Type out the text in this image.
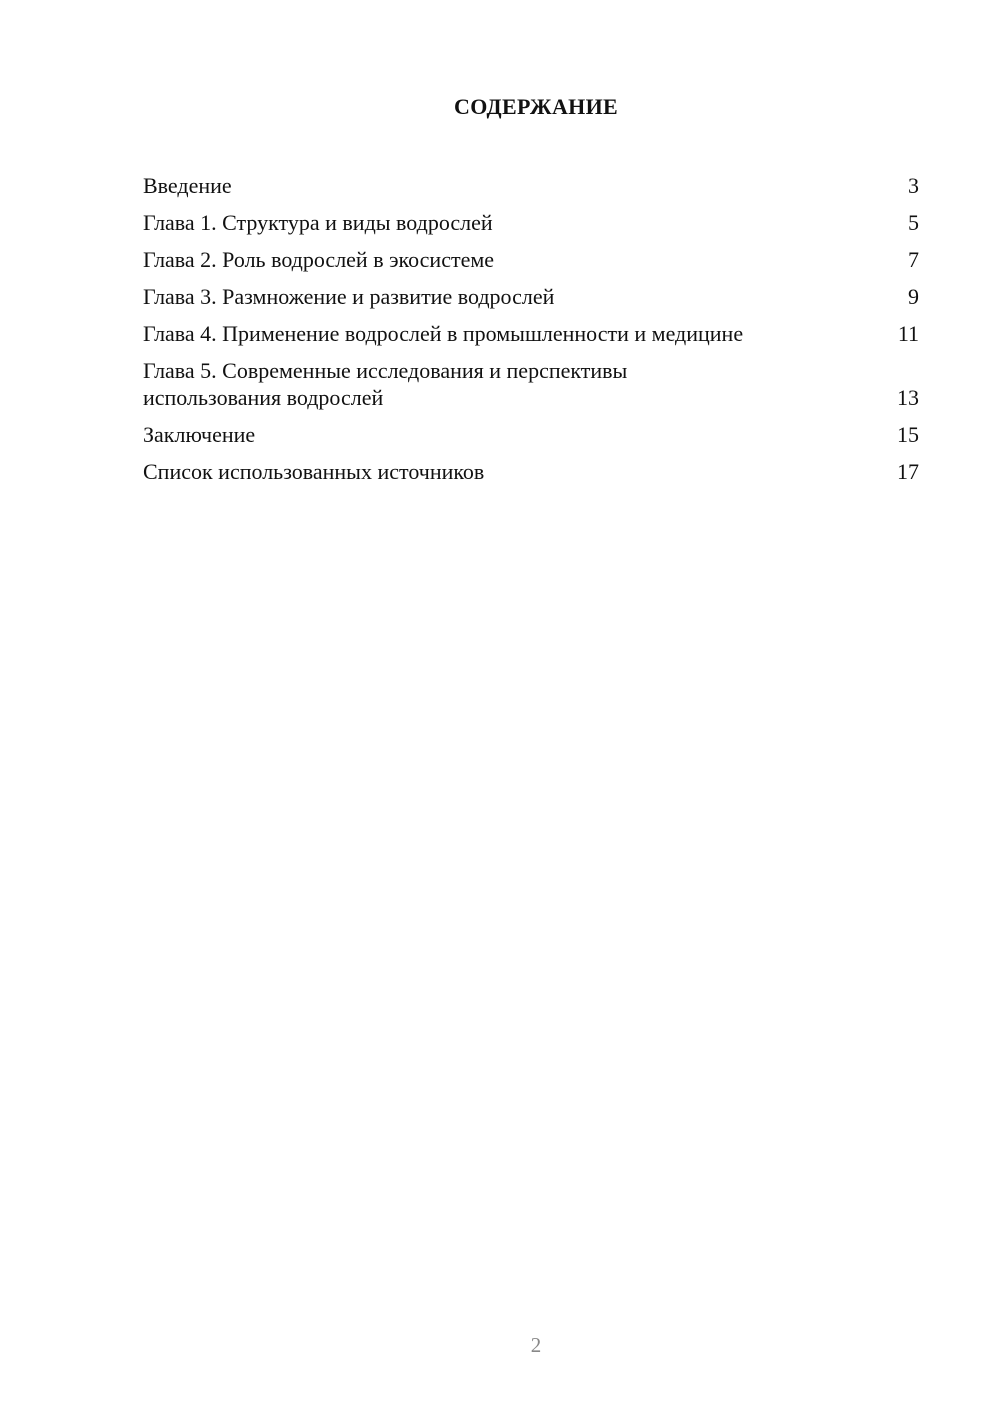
СОДЕРЖАНИЕ
Введение	3
Глава 1. Структура и виды водрослей	5
Глава 2. Роль водрослей в экосистеме	7
Глава 3. Размножение и развитие водрослей	9
Глава 4. Применение водрослей в промышленности и медицине	11
Глава 5. Современные исследования и перспективы
использования водрослей	13
Заключение	15
Список использованных источников	17
2
